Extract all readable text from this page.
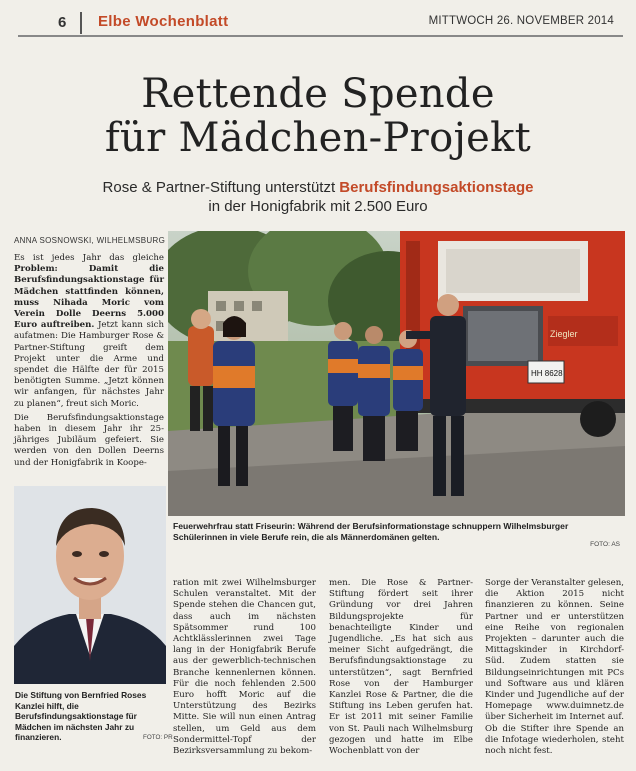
6 Elbe Wochenblatt	MITTWOCH 26. NOVEMBER 2014
Rettende Spende
für Mädchen-Projekt
Rose & Partner-Stiftung unterstützt Berufsfindungsaktionstage
in der Honigfabrik mit 2.500 Euro
ANNA SOSNOWSKI, WILHELMSBURG

Es ist jedes Jahr das gleiche Problem: Damit die Berufsfindungsaktionstage für Mädchen stattfinden können, muss Nihada Moric vom Verein Dolle Deerns 5.000 Euro auftreiben. Jetzt kann sich aufatmen: Die Hamburger Rose & Partner-Stiftung greift dem Projekt unter die Arme und spendet die Hälfte der für 2015 benötigten Summe. „Jetzt können wir anfangen, für nächstes Jahr zu planen“, freut sich Moric.

Die Berufsfindungsaktionstage haben in diesem Jahr ihr 25-jähriges Jubiläum gefeiert. Sie werden von den Dollen Deerns und der Honigfabrik in Koope-

Ziegler
HH 8628
Feuerwehrfrau statt Friseurin: Während der Berufsinformationstage schnuppern Wilhelmsburger Schülerinnen in viele Berufe rein, die als Männerdomänen gelten.
FOTO: AS
Die Stiftung von Bernfried Roses Kanzlei hilft, die Berufsfindungsaktionstage für Mädchen im nächsten Jahr zu finanzieren.	FOTO: PR

ration mit zwei Wilhelmsburger Schulen veranstaltet. Mit der Spende stehen die Chancen gut, dass auch im nächsten Spätsommer rund 100 Achtklässlerinnen zwei Tage lang in der Honigfabrik Berufe aus der gewerblich-technischen Branche kennenlernen können. Für die noch fehlenden 2.500 Euro hofft Moric auf die Unterstützung des Bezirks Mitte. Sie will nun einen Antrag stellen, um Geld aus dem Sondermittel-Topf der Bezirksversammlung zu bekom-

men. Die Rose & Partner-Stiftung fördert seit ihrer Gründung vor drei Jahren Bildungsprojekte für benachteiligte Kinder und Jugendliche. „Es hat sich aus meiner Sicht aufgedrängt, die Berufsfindungsaktionstage zu unterstützen“, sagt Bernfried Rose von der Hamburger Kanzlei Rose & Partner, die die Stiftung ins Leben gerufen hat. Er ist 2011 mit seiner Familie von St. Pauli nach Wilhelmsburg gezogen und hatte im Elbe Wochenblatt von der

Sorge der Veranstalter gelesen, die Aktion 2015 nicht finanzieren zu können. Seine Partner und er unterstützen eine Reihe von regionalen Projekten – darunter auch die Mittagskinder in Kirchdorf-Süd. Zudem statten sie Bildungseinrichtungen mit PCs und Software aus und klären Kinder und Jugendliche auf der Homepage www.duimnetz.de über Sicherheit im Internet auf. Ob die Stifter ihre Spende an die Infotage wiederholen, steht noch nicht fest.
